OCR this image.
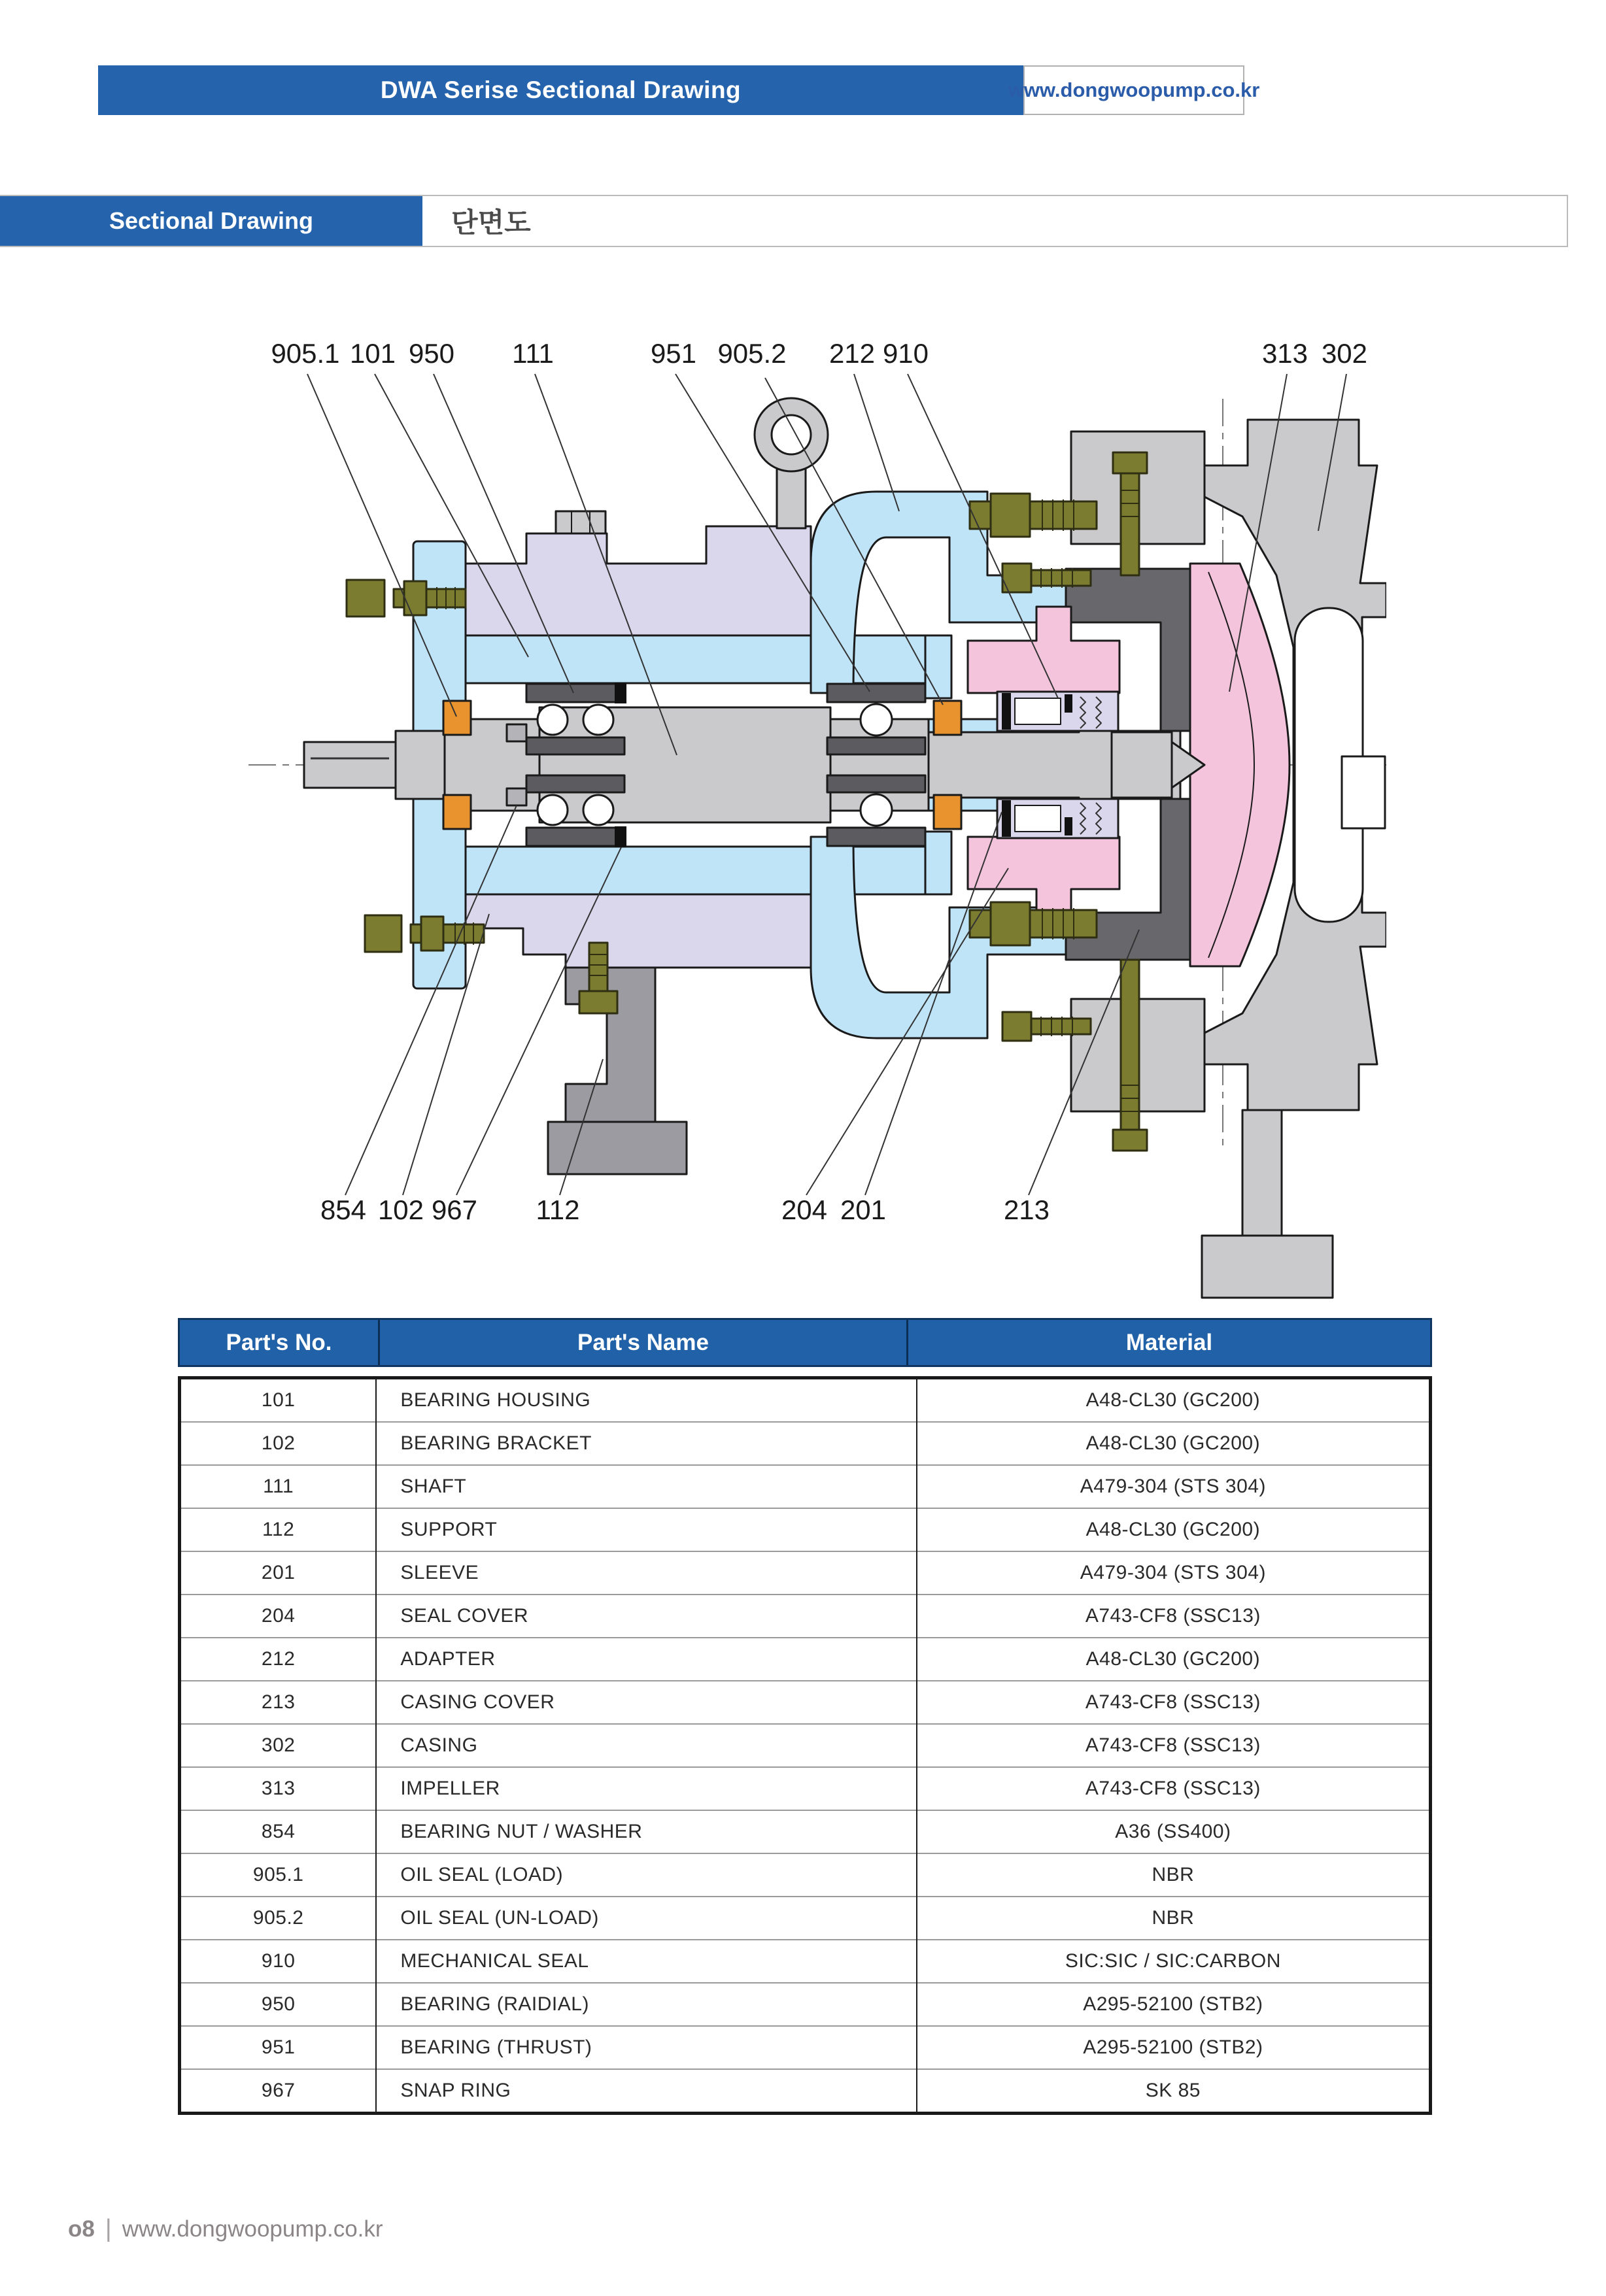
DWA Serise Sectional Drawing	www.dongwoopump.co.kr
Sectional Drawing	단면도
905.1 101 950 111	951 905.2 212 910	313 302
854 102 967 112	204 201	213
Part's No.	Part's Name	Material
101	BEARING HOUSING	A48-CL30 (GC200)
102	BEARING BRACKET	A48-CL30 (GC200)
111	SHAFT	A479-304 (STS 304)
112	SUPPORT	A48-CL30 (GC200)
201	SLEEVE	A479-304 (STS 304)
204	SEAL COVER	A743-CF8 (SSC13)
212	ADAPTER	A48-CL30 (GC200)
213	CASING COVER	A743-CF8 (SSC13)
302	CASING	A743-CF8 (SSC13)
313	IMPELLER	A743-CF8 (SSC13)
854	BEARING NUT / WASHER	A36 (SS400)
905.1	OIL SEAL (LOAD)	NBR
905.2	OIL SEAL (UN-LOAD)	NBR
910	MECHANICAL SEAL	SIC:SIC / SIC:CARBON
950	BEARING (RAIDIAL)	A295-52100 (STB2)
951	BEARING (THRUST)	A295-52100 (STB2)
967	SNAP RING	SK 85
o8 | www.dongwoopump.co.kr
